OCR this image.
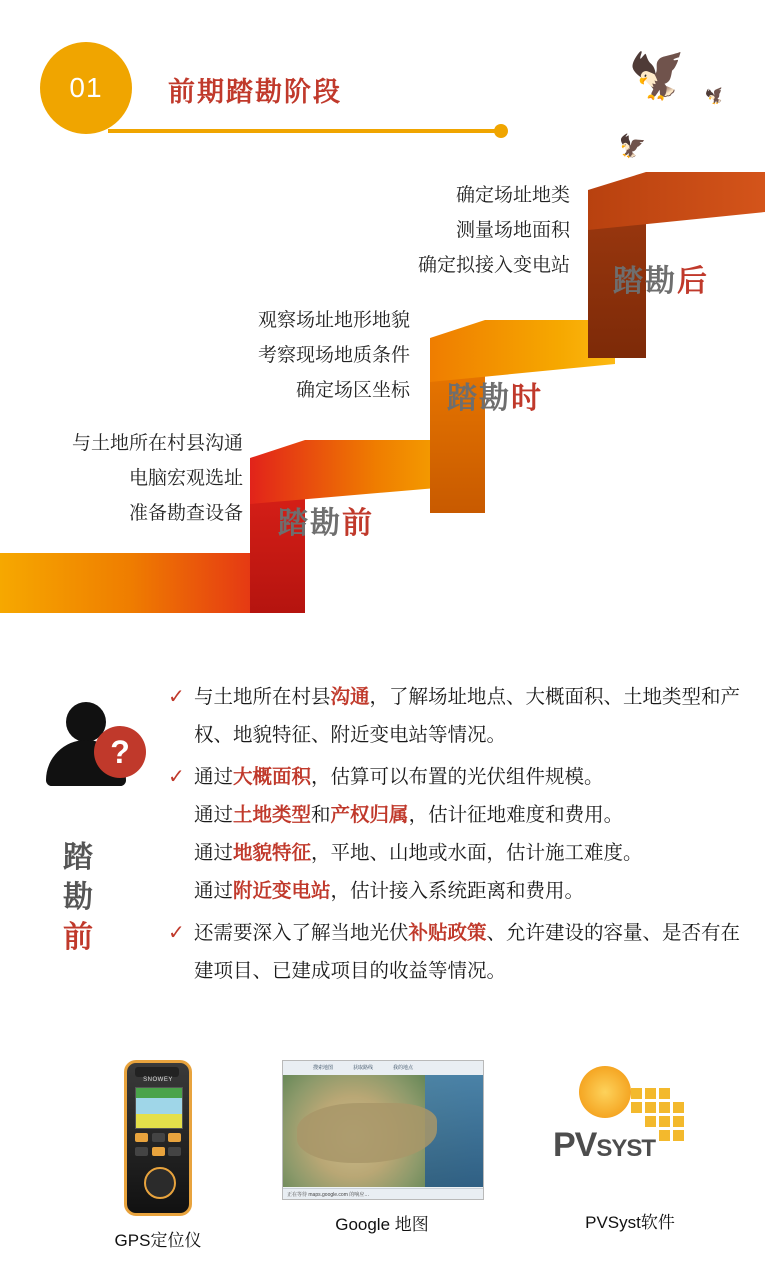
01	前期踏勘阶段	🦅
🦅
🦅
踏勘前
踏勘时
踏勘后
与土地所在村县沟通
电脑宏观选址
准备勘查设备
观察场址地形地貌
考察现场地质条件
确定场区坐标
确定场址地类
测量场地面积
确定拟接入变电站
?
踏
勘
前
✓ 与土地所在村县沟通，了解场址地点、大概面积、土地类型和产权、地貌特征、附近变电站等情况。
✓ 通过大概面积，估算可以布置的光伏组件规模。
通过土地类型和产权归属，估计征地难度和费用。
通过地貌特征，平地、山地或水面，估计施工难度。
通过附近变电站，估计接入系统距离和费用。
✓ 还需要深入了解当地光伏补贴政策、允许建设的容量、是否有在建项目、已建成项目的收益等情况。
SNOWEY
GPS定位仪
搜索地图	获取路线	我的地点
正在等待 maps.google.com 的响应…
Google 地图
PVSYST
PVSyst软件
